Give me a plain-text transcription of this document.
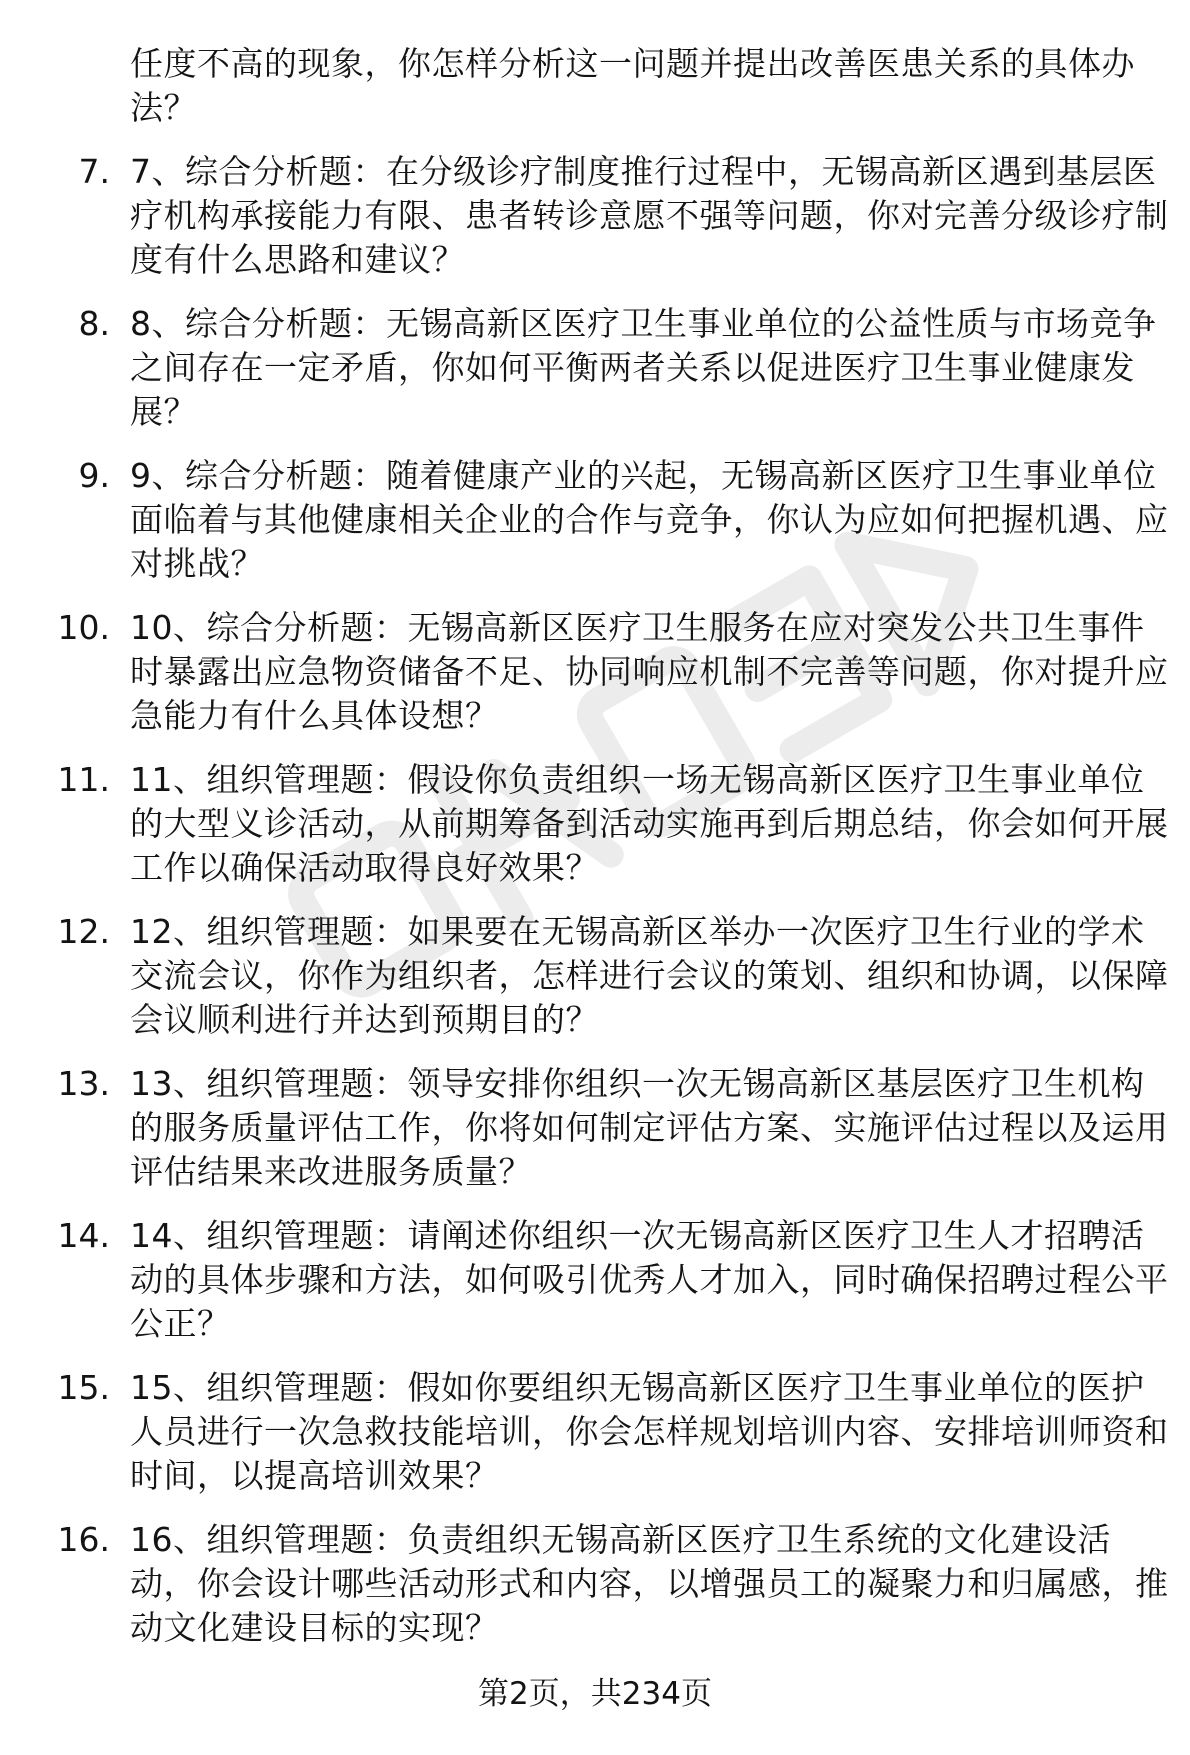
任度不高的现象，你怎样分析这一问题并提出改善医患关系的具体办法？
7. 7、综合分析题：在分级诊疗制度推行过程中，无锡高新区遇到基层医疗机构承接能力有限、患者转诊意愿不强等问题，你对完善分级诊疗制度有什么思路和建议？
8. 8、综合分析题：无锡高新区医疗卫生事业单位的公益性质与市场竞争之间存在一定矛盾，你如何平衡两者关系以促进医疗卫生事业健康发展？
9. 9、综合分析题：随着健康产业的兴起，无锡高新区医疗卫生事业单位面临着与其他健康相关企业的合作与竞争，你认为应如何把握机遇、应对挑战？
10. 10、综合分析题：无锡高新区医疗卫生服务在应对突发公共卫生事件时暴露出应急物资储备不足、协同响应机制不完善等问题，你对提升应急能力有什么具体设想？
11. 11、组织管理题：假设你负责组织一场无锡高新区医疗卫生事业单位的大型义诊活动，从前期筹备到活动实施再到后期总结，你会如何开展工作以确保活动取得良好效果？
12. 12、组织管理题：如果要在无锡高新区举办一次医疗卫生行业的学术交流会议，你作为组织者，怎样进行会议的策划、组织和协调，以保障会议顺利进行并达到预期目的？
13. 13、组织管理题：领导安排你组织一次无锡高新区基层医疗卫生机构的服务质量评估工作，你将如何制定评估方案、实施评估过程以及运用评估结果来改进服务质量？
14. 14、组织管理题：请阐述你组织一次无锡高新区医疗卫生人才招聘活动的具体步骤和方法，如何吸引优秀人才加入，同时确保招聘过程公平公正？
15. 15、组织管理题：假如你要组织无锡高新区医疗卫生事业单位的医护人员进行一次急救技能培训，你会怎样规划培训内容、安排培训师资和时间，以提高培训效果？
16. 16、组织管理题：负责组织无锡高新区医疗卫生系统的文化建设活动，你会设计哪些活动形式和内容，以增强员工的凝聚力和归属感，推动文化建设目标的实现？
第2页，共234页
